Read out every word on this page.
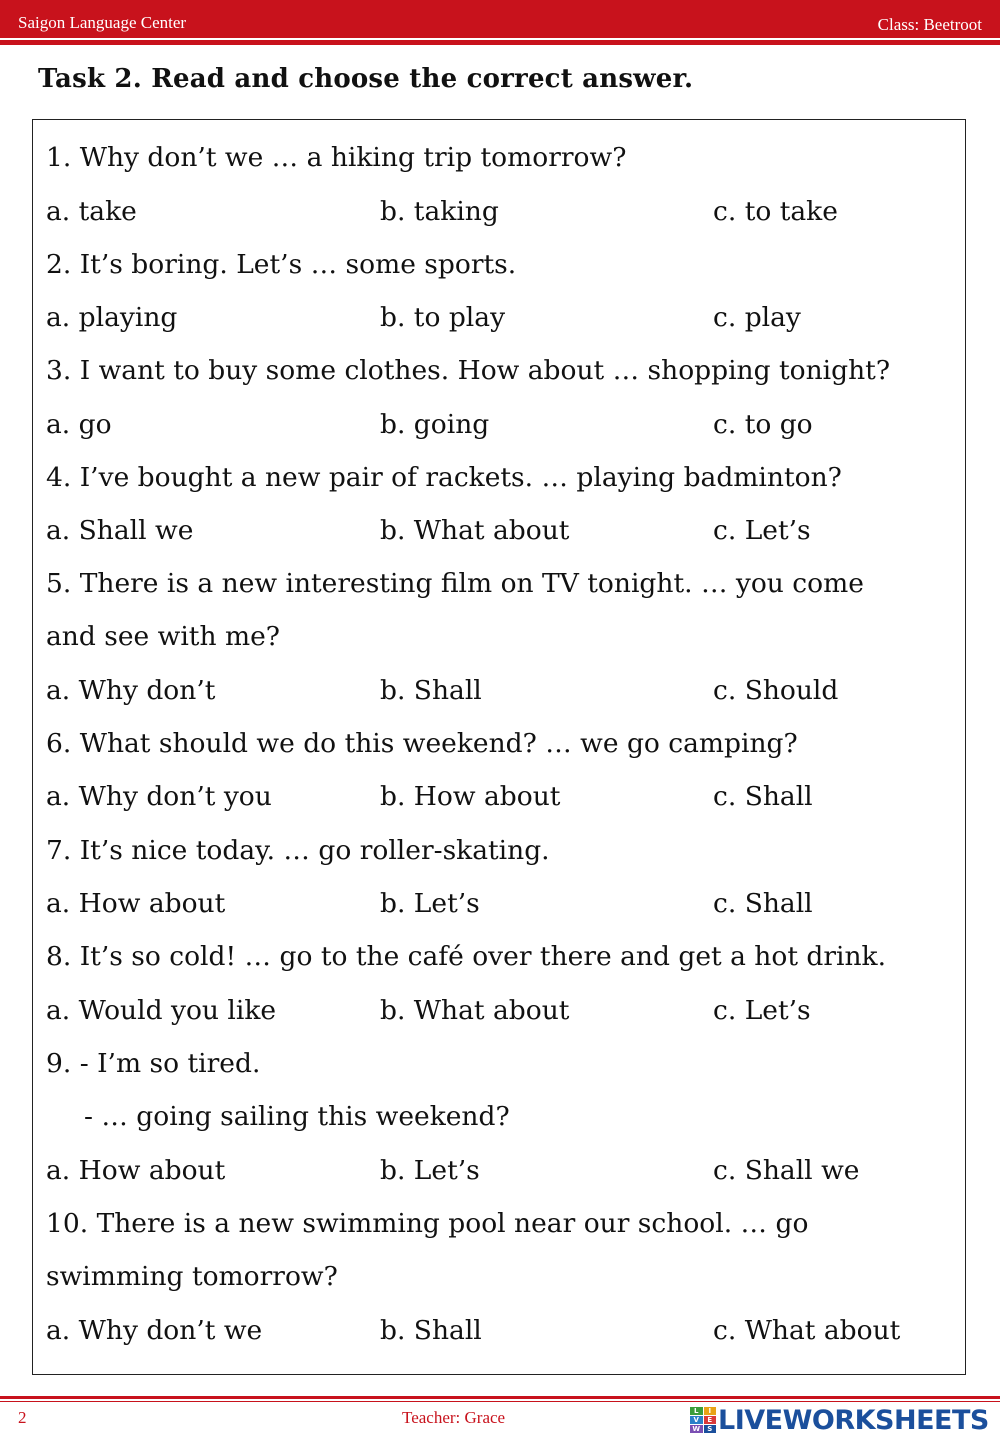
Saigon Language Center	Class: Beetroot
Task 2. Read and choose the correct answer.
1. Why don’t we … a hiking trip tomorrow?
a. take	b. taking	c. to take
2. It’s boring. Let’s … some sports.
a. playing	b. to play	c. play
3. I want to buy some clothes. How about … shopping tonight?
a. go	b. going	c. to go
4. I’ve bought a new pair of rackets. … playing badminton?
a. Shall we	b. What about	c. Let’s
5. There is a new interesting film on TV tonight. … you come
and see with me?
a. Why don’t	b. Shall	c. Should
6. What should we do this weekend? … we go camping?
a. Why don’t you	b. How about	c. Shall
7. It’s nice today. … go roller-skating.
a. How about	b. Let’s	c. Shall
8. It’s so cold! … go to the café over there and get a hot drink.
a. Would you like	b. What about	c. Let’s
9. - I’m so tired.
- … going sailing this weekend?
a. How about	b. Let’s	c. Shall we
10. There is a new swimming pool near our school. … go
swimming tomorrow?
a. Why don’t we	b. Shall	c. What about
2	Teacher: Grace	L	I
V	E
W	S LIVEWORKSHEETS
